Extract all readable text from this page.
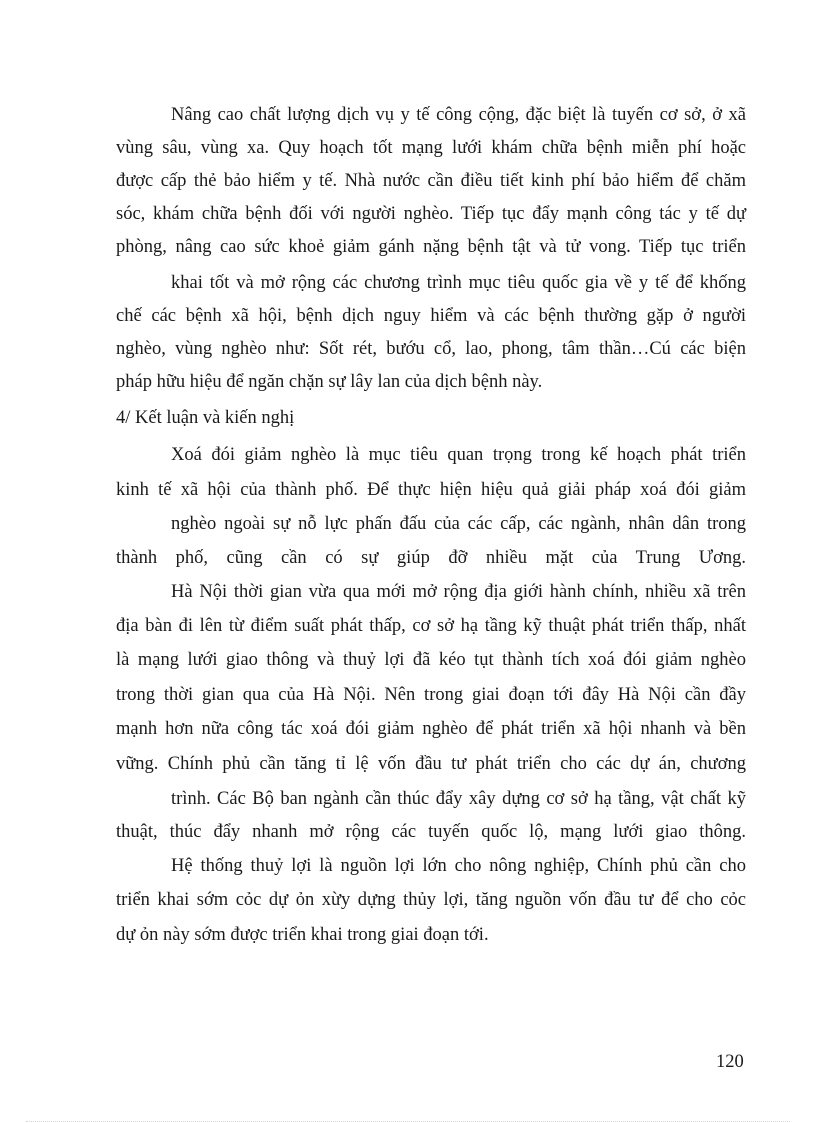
Nâng cao chất lượng dịch vụ y tế công cộng, đặc biệt là tuyến cơ sở, ở xã
vùng sâu, vùng xa. Quy hoạch tốt mạng lưới khám chữa bệnh miễn phí hoặc
được cấp thẻ bảo hiểm y tế. Nhà nước cần điều tiết kinh phí bảo hiểm để chăm
sóc, khám chữa bệnh đối với người nghèo. Tiếp tục đẩy mạnh công tác y tế dự
phòng, nâng cao sức khoẻ giảm gánh nặng bệnh tật và tử vong. Tiếp tục triển
khai tốt và mở rộng các chương trình mục tiêu quốc gia về y tế để khống
chế các bệnh xã hội, bệnh dịch nguy hiểm và các bệnh thường gặp ở người
nghèo, vùng nghèo như: Sốt rét, bướu cổ, lao, phong, tâm thần…Cú các biện
pháp hữu hiệu để ngăn chặn sự lây lan của dịch bệnh này.
4/ Kết luận và kiến nghị
Xoá đói giảm nghèo là mục tiêu quan trọng trong kế hoạch phát triển
kinh tế xã hội của thành phố. Để thực hiện hiệu quả giải pháp xoá đói giảm
nghèo ngoài sự nỗ lực phấn đấu của các cấp, các ngành, nhân dân trong
thành phố, cũng cần có sự giúp đỡ nhiều mặt của Trung Ương.
Hà Nội thời gian vừa qua mới mở rộng địa giới hành chính, nhiều xã trên
địa bàn đi lên từ điểm suất phát thấp, cơ sở hạ tầng kỹ thuật phát triển thấp, nhất
là mạng lưới giao thông và thuỷ lợi đã kéo tụt thành tích xoá đói giảm nghèo
trong thời gian qua của Hà Nội. Nên trong giai đoạn tới đây Hà Nội cần đầy
mạnh hơn nữa công tác xoá đói giảm nghèo để phát triển xã hội nhanh và bền
vững. Chính phủ cần tăng tỉ lệ vốn đầu tư phát triển cho các dự án, chương
trình. Các Bộ ban ngành cần thúc đẩy xây dựng cơ sở hạ tầng, vật chất kỹ
thuật, thúc đẩy nhanh mở rộng các tuyến quốc lộ, mạng lưới giao thông.
Hệ thống thuỷ lợi là nguồn lợi lớn cho nông nghiệp, Chính phủ cần cho
triển khai sớm cỏc dự ỏn xừy dựng thủy lợi, tăng nguồn vốn đầu tư để cho cỏc
dự ỏn này sớm được triển khai trong giai đoạn tới.
120
